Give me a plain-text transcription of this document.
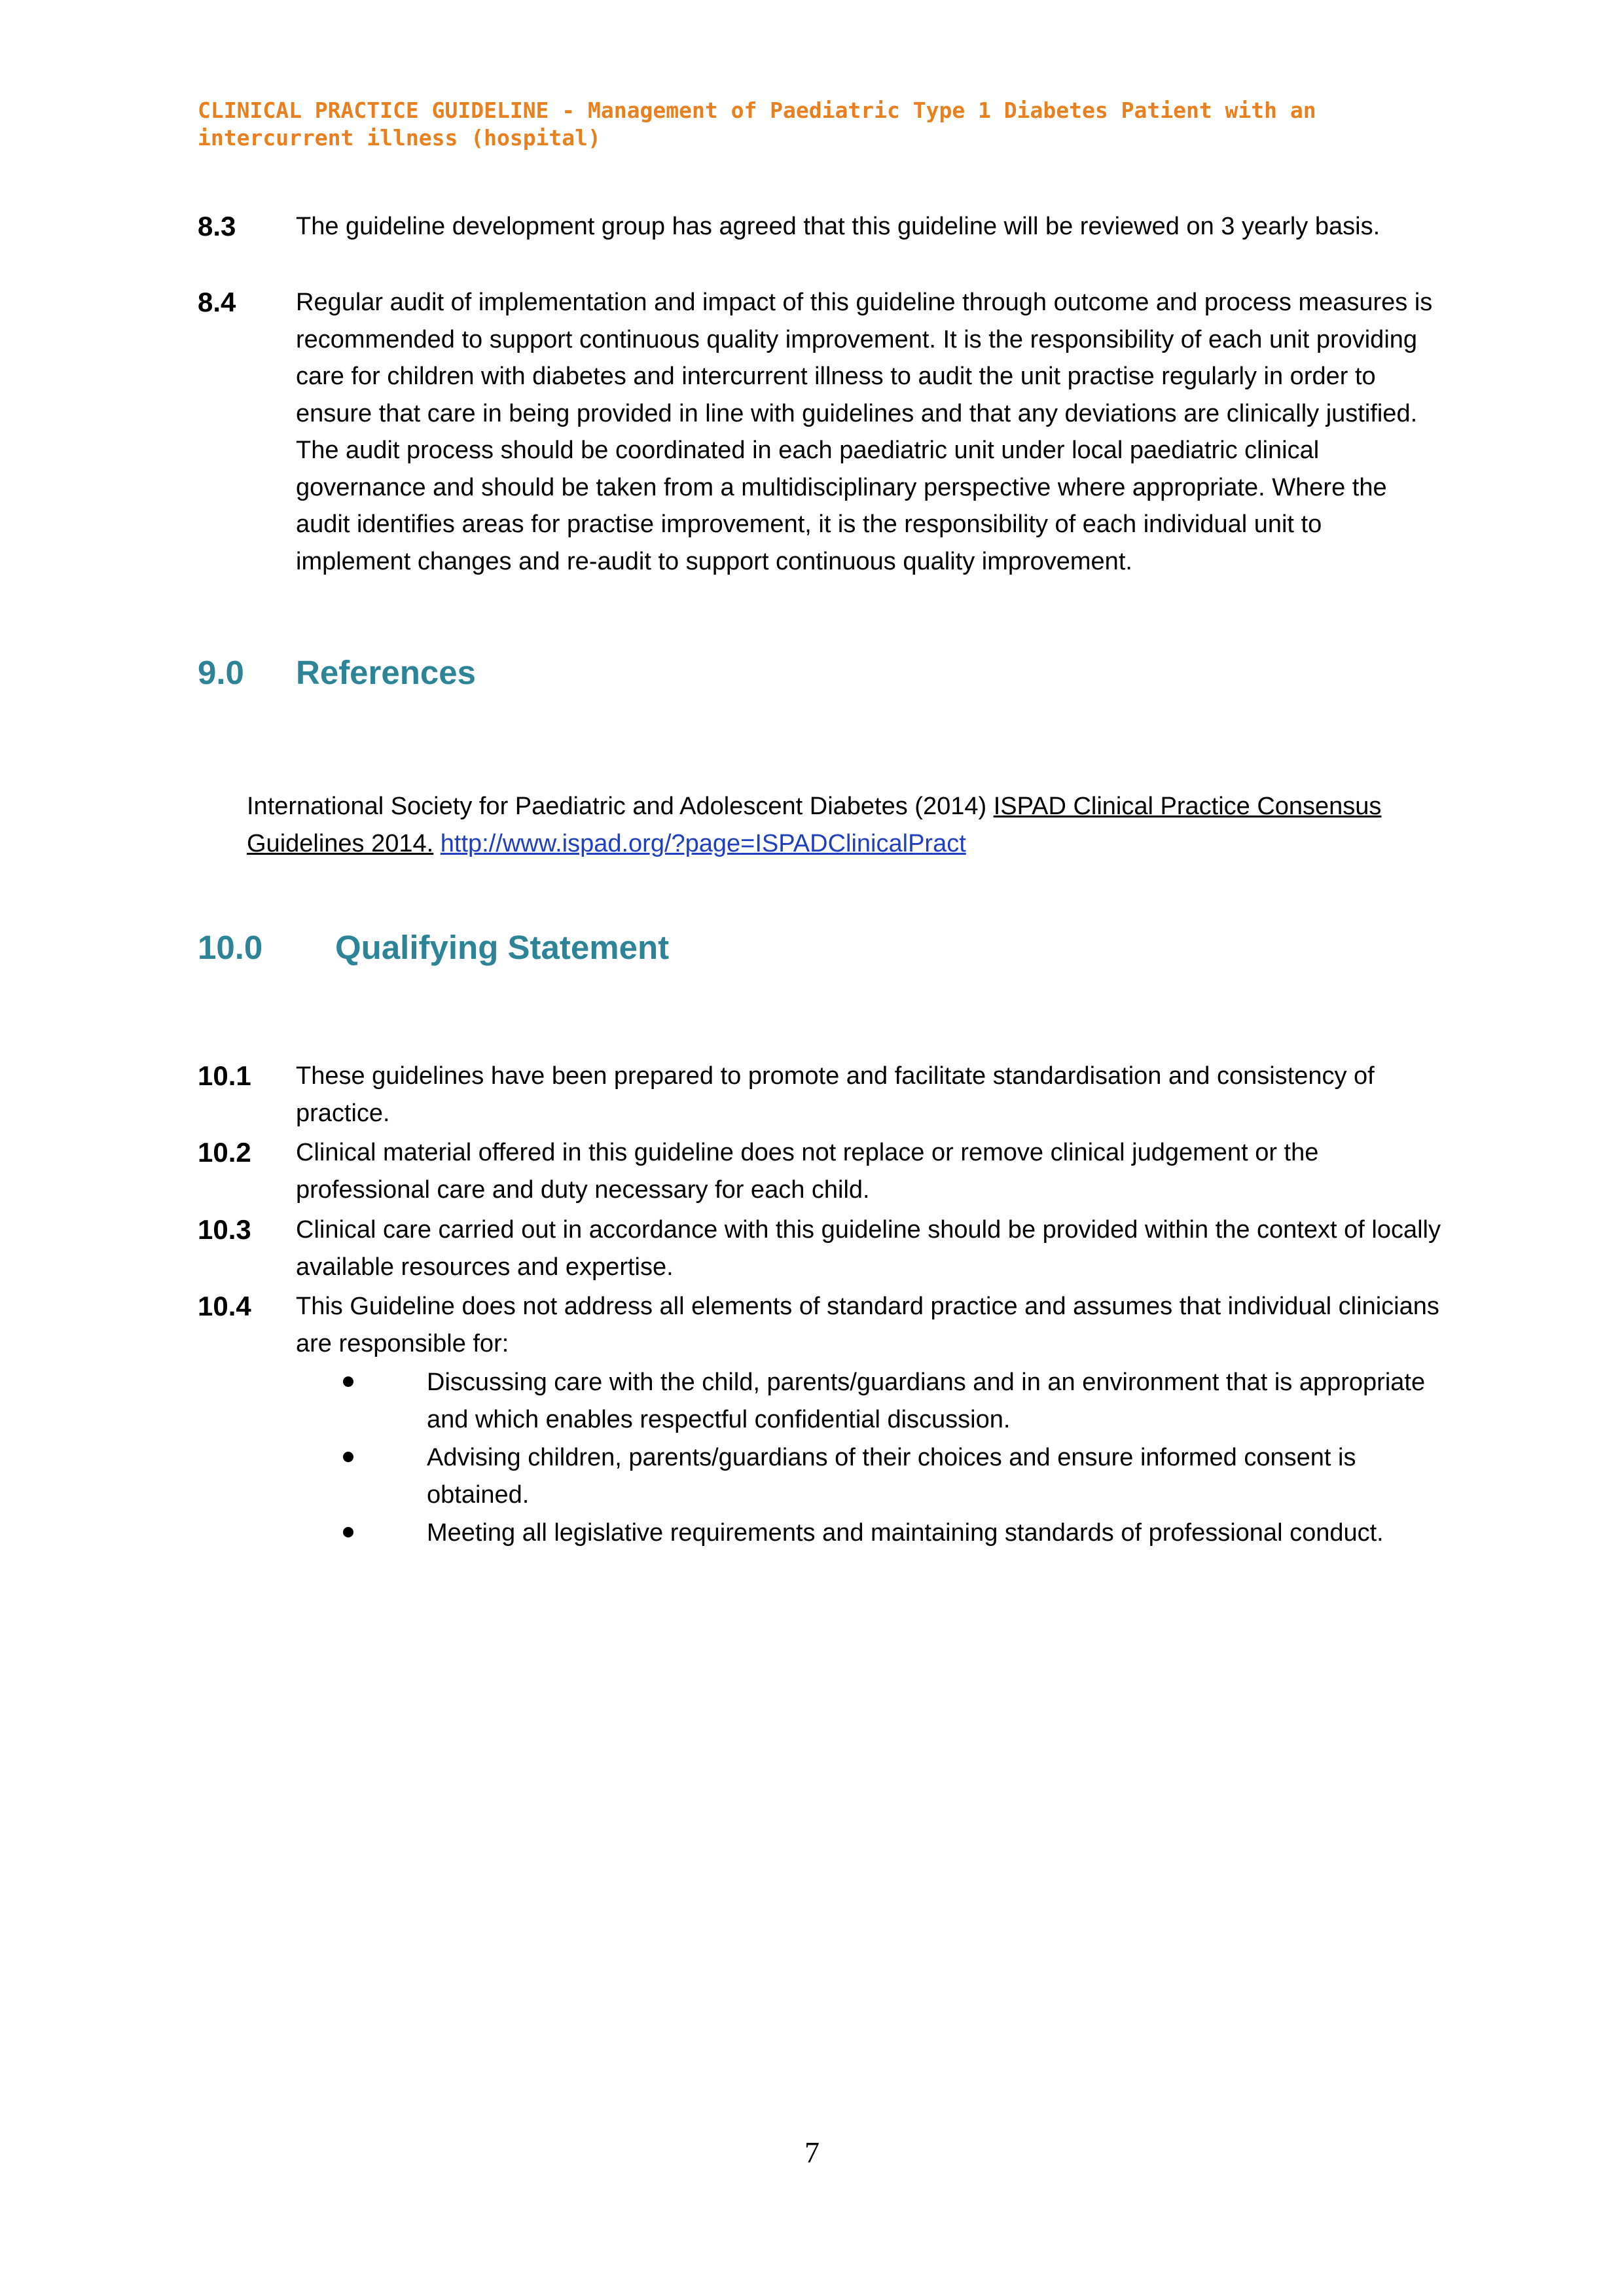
CLINICAL PRACTICE GUIDELINE - Management of Paediatric Type 1 Diabetes Patient with an intercurrent illness (hospital)
8.3 The guideline development group has agreed that this guideline will be reviewed on 3 yearly basis.
8.4 Regular audit of implementation and impact of this guideline through outcome and process measures is recommended to support continuous quality improvement. It is the responsibility of each unit providing care for children with diabetes and intercurrent illness to audit the unit practise regularly in order to ensure that care in being provided in line with guidelines and that any deviations are clinically justified. The audit process should be coordinated in each paediatric unit under local paediatric clinical governance and should be taken from a multidisciplinary perspective where appropriate. Where the audit identifies areas for practise improvement, it is the responsibility of each individual unit to implement changes and re-audit to support continuous quality improvement.
9.0 References
International Society for Paediatric and Adolescent Diabetes (2014) ISPAD Clinical Practice Consensus Guidelines 2014. http://www.ispad.org/?page=ISPADClinicalPract
10.0 Qualifying Statement
10.1 These guidelines have been prepared to promote and facilitate standardisation and consistency of practice.
10.2 Clinical material offered in this guideline does not replace or remove clinical judgement or the professional care and duty necessary for each child.
10.3 Clinical care carried out in accordance with this guideline should be provided within the context of locally available resources and expertise.
10.4 This Guideline does not address all elements of standard practice and assumes that individual clinicians are responsible for:
Discussing care with the child, parents/guardians and in an environment that is appropriate and which enables respectful confidential discussion.
Advising children, parents/guardians of their choices and ensure informed consent is obtained.
Meeting all legislative requirements and maintaining standards of professional conduct.
7
